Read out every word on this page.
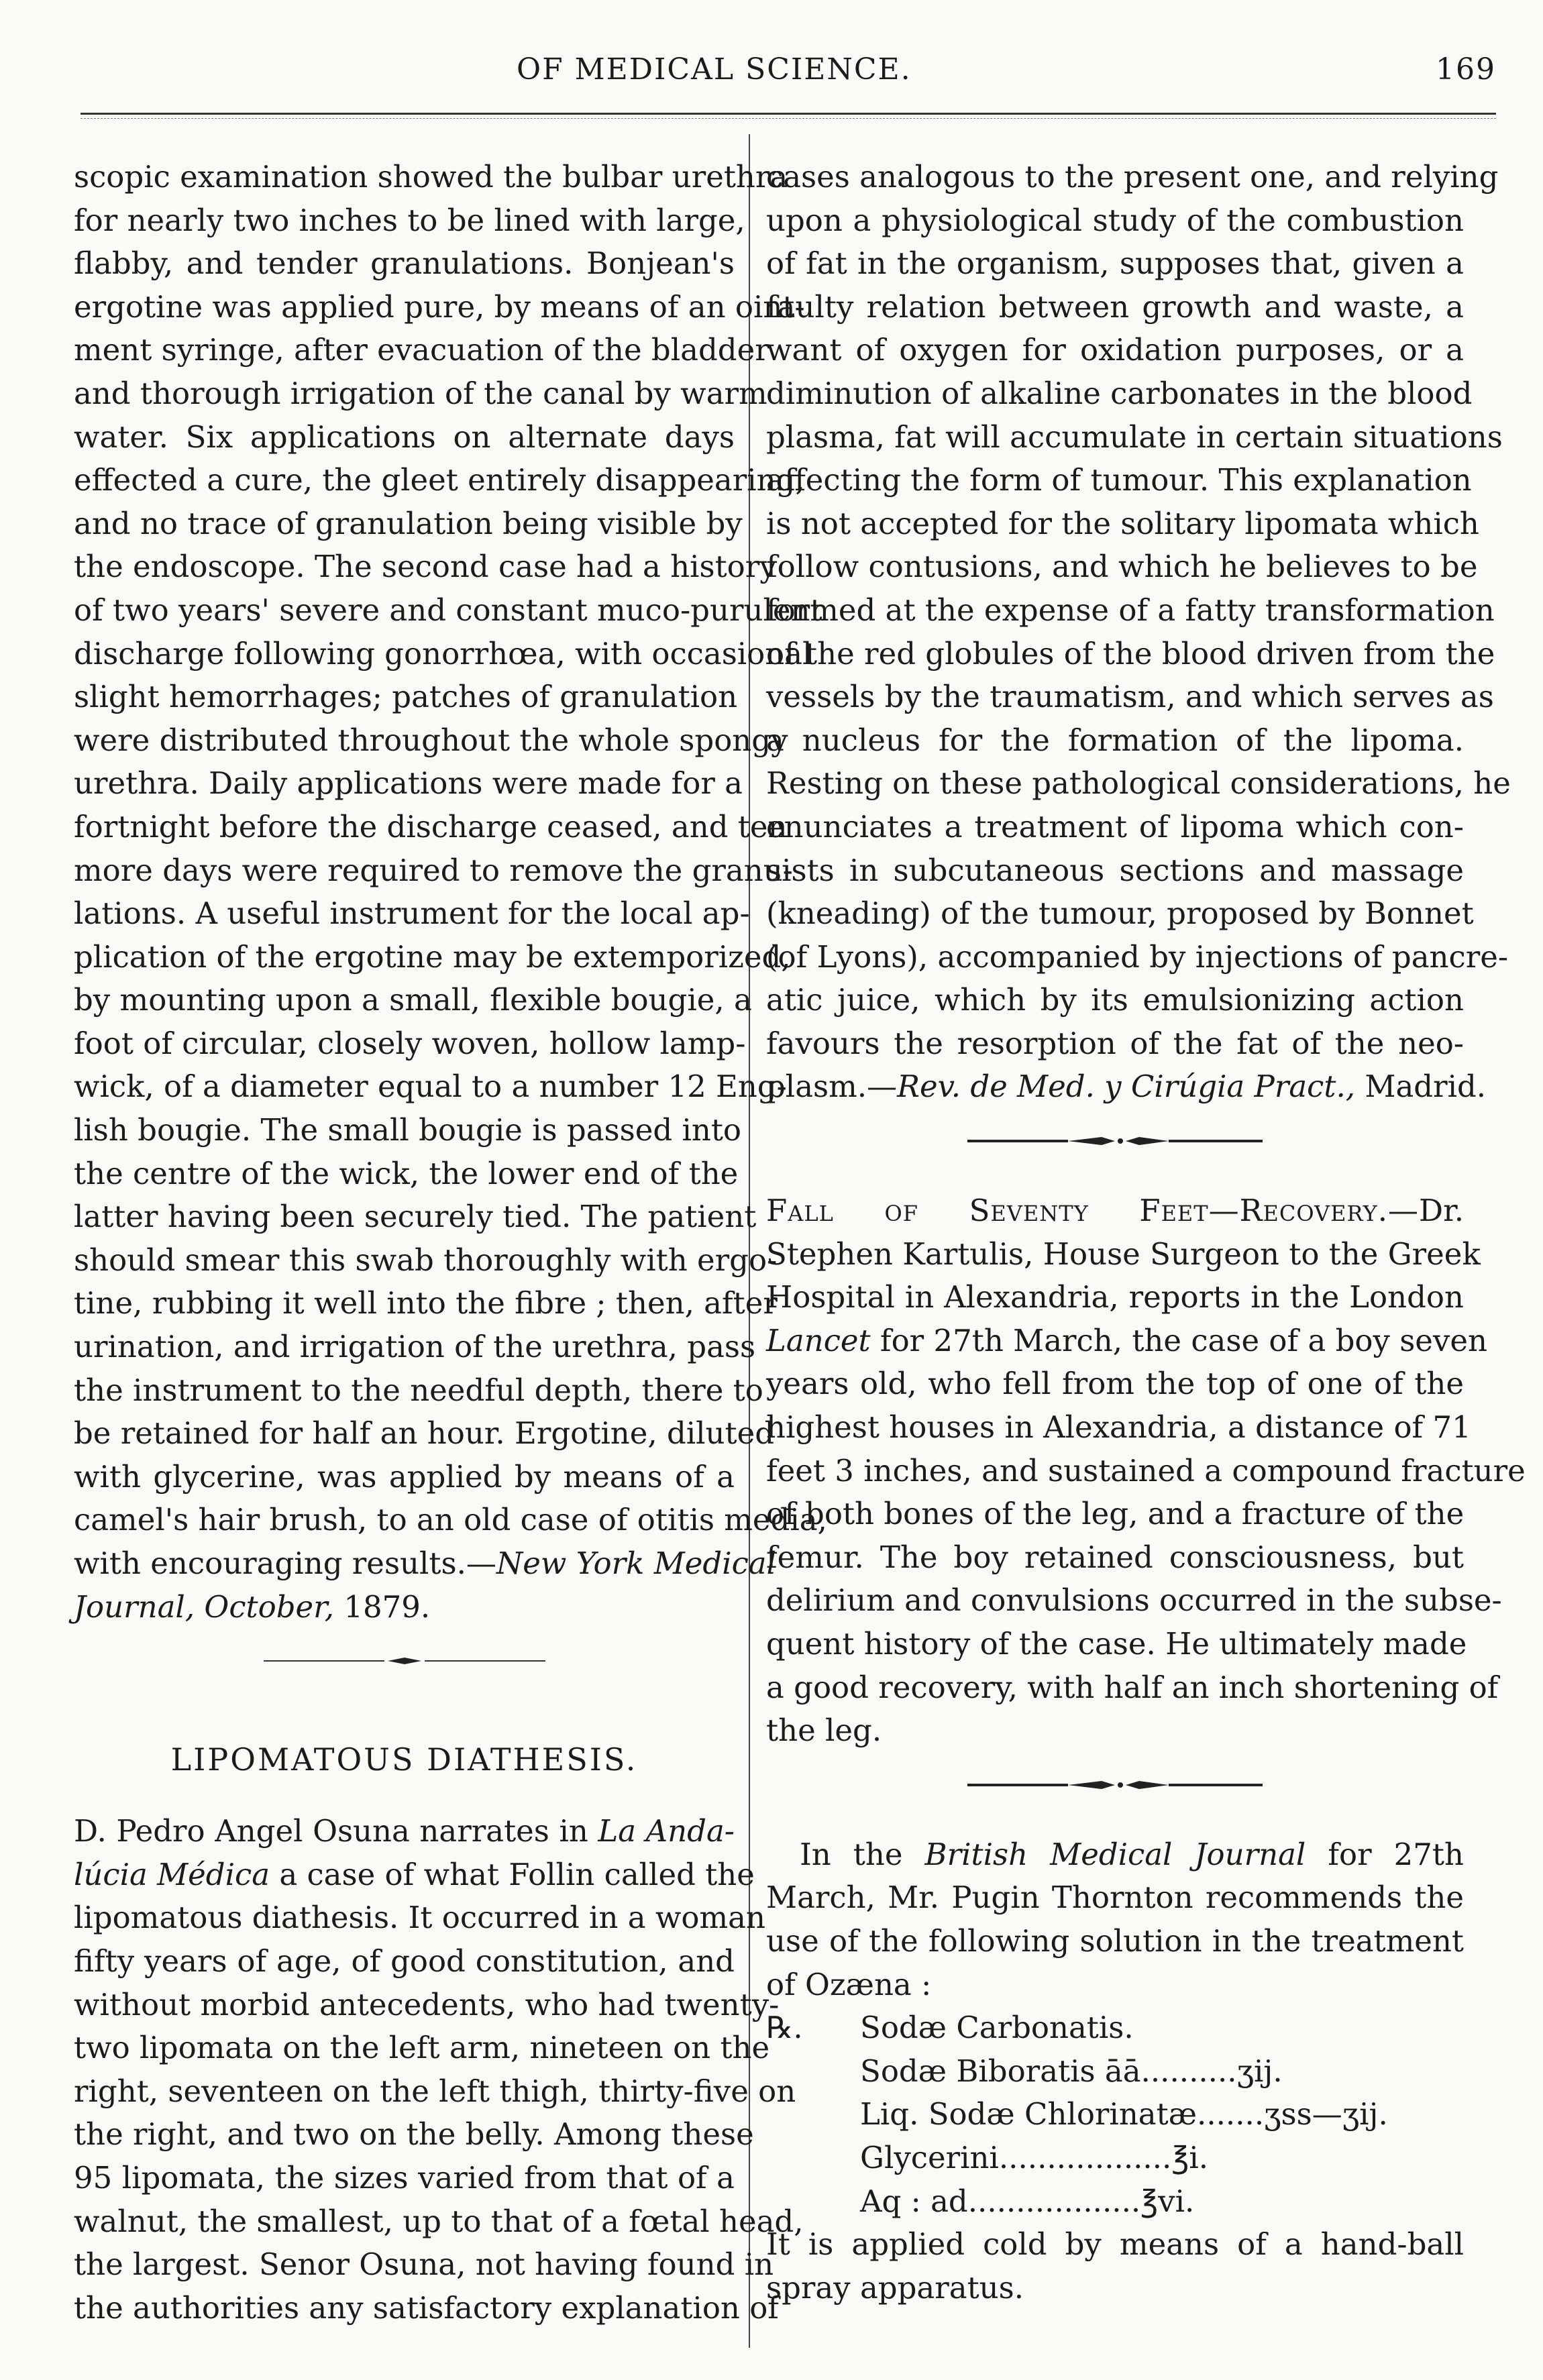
OF MEDICAL SCIENCE.	169
scopic examination showed the bulbar urethra
for nearly two inches to be lined with large,
flabby, and tender granulations. Bonjean's
ergotine was applied pure, by means of an oint-
ment syringe, after evacuation of the bladder
and thorough irrigation of the canal by warm
water. Six applications on alternate days
effected a cure, the gleet entirely disappearing,
and no trace of granulation being visible by
the endoscope. The second case had a history
of two years' severe and constant muco-purulent
discharge following gonorrhœa, with occasional
slight hemorrhages; patches of granulation
were distributed throughout the whole spongy
urethra. Daily applications were made for a
fortnight before the discharge ceased, and ten
more days were required to remove the granu-
lations. A useful instrument for the local ap-
plication of the ergotine may be extemporized,
by mounting upon a small, flexible bougie, a
foot of circular, closely woven, hollow lamp-
wick, of a diameter equal to a number 12 Eng-
lish bougie. The small bougie is passed into
the centre of the wick, the lower end of the
latter having been securely tied. The patient
should smear this swab thoroughly with ergo-
tine, rubbing it well into the fibre ; then, after
urination, and irrigation of the urethra, pass
the instrument to the needful depth, there to
be retained for half an hour. Ergotine, diluted
with glycerine, was applied by means of a
camel's hair brush, to an old case of otitis media,
with encouraging results.—New York Medical
Journal, October, 1879.
LIPOMATOUS DIATHESIS.
D. Pedro Angel Osuna narrates in La Anda-
lúcia Médica a case of what Follin called the
lipomatous diathesis. It occurred in a woman
fifty years of age, of good constitution, and
without morbid antecedents, who had twenty-
two lipomata on the left arm, nineteen on the
right, seventeen on the left thigh, thirty-five on
the right, and two on the belly. Among these
95 lipomata, the sizes varied from that of a
walnut, the smallest, up to that of a fœtal head,
the largest. Senor Osuna, not having found in
the authorities any satisfactory explanation of
cases analogous to the present one, and relying
upon a physiological study of the combustion
of fat in the organism, supposes that, given a
faulty relation between growth and waste, a
want of oxygen for oxidation purposes, or a
diminution of alkaline carbonates in the blood
plasma, fat will accumulate in certain situations
affecting the form of tumour. This explanation
is not accepted for the solitary lipomata which
follow contusions, and which he believes to be
formed at the expense of a fatty transformation
of the red globules of the blood driven from the
vessels by the traumatism, and which serves as
a nucleus for the formation of the lipoma.
Resting on these pathological considerations, he
enunciates a treatment of lipoma which con-
sists in subcutaneous sections and massage
(kneading) of the tumour, proposed by Bonnet
(of Lyons), accompanied by injections of pancre-
atic juice, which by its emulsionizing action
favours the resorption of the fat of the neo-
plasm.—Rev. de Med. y Cirúgia Pract., Madrid.
Fall of Seventy Feet—Recovery.—Dr.
Stephen Kartulis, House Surgeon to the Greek
Hospital in Alexandria, reports in the London
Lancet for 27th March, the case of a boy seven
years old, who fell from the top of one of the
highest houses in Alexandria, a distance of 71
feet 3 inches, and sustained a compound fracture
of both bones of the leg, and a fracture of the
femur. The boy retained consciousness, but
delirium and convulsions occurred in the subse-
quent history of the case. He ultimately made
a good recovery, with half an inch shortening of
the leg.
In the British Medical Journal for 27th
March, Mr. Pugin Thornton recommends the
use of the following solution in the treatment
of Ozæna :
℞. Sodæ Carbonatis.
Sodæ Biboratis āā..........ʒij.
Liq. Sodæ Chlorinatæ.......ʒss—ʒij.
Glycerini..................℥i.
Aq : ad..................℥vi.
It is applied cold by means of a hand-ball
spray apparatus.
